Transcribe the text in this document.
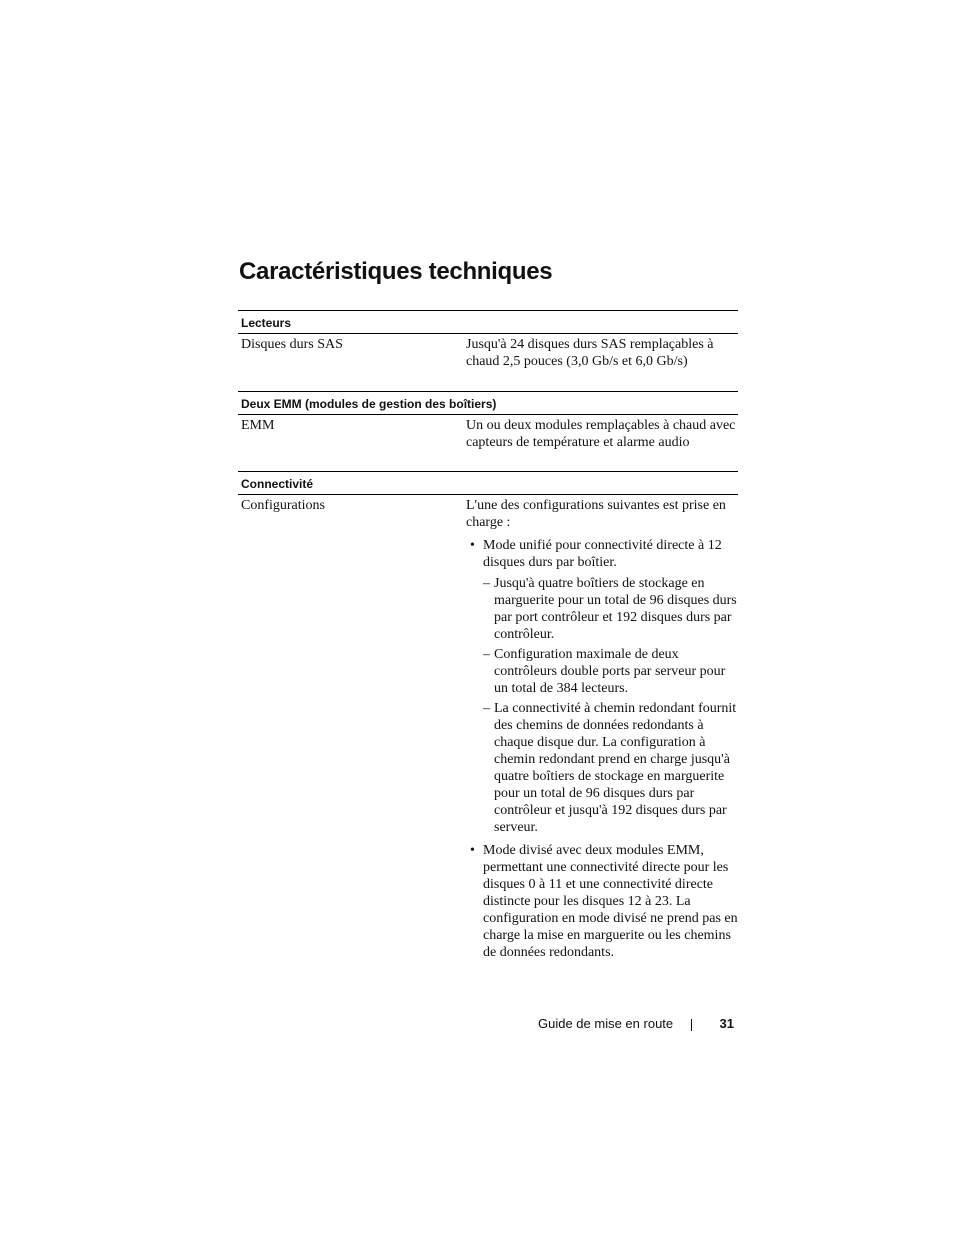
Caractéristiques techniques
Lecteurs
Disques durs SAS	Jusqu'à 24 disques durs SAS remplaçables à chaud 2,5 pouces (3,0 Gb/s et 6,0 Gb/s)
Deux EMM (modules de gestion des boîtiers)
EMM	Un ou deux modules remplaçables à chaud avec capteurs de température et alarme audio
Connectivité
Configurations	L'une des configurations suivantes est prise en charge :

• Mode unifié pour connectivité directe à 12 disques durs par boîtier.
– Jusqu'à quatre boîtiers de stockage en marguerite pour un total de 96 disques durs par port contrôleur et 192 disques durs par contrôleur.
– Configuration maximale de deux contrôleurs double ports par serveur pour un total de 384 lecteurs.
– La connectivité à chemin redondant fournit des chemins de données redondants à chaque disque dur. La configuration à chemin redondant prend en charge jusqu'à quatre boîtiers de stockage en marguerite pour un total de 96 disques durs par contrôleur et jusqu'à 192 disques durs par serveur.
• Mode divisé avec deux modules EMM, permettant une connectivité directe pour les disques 0 à 11 et une connectivité directe distincte pour les disques 12 à 23. La configuration en mode divisé ne prend pas en charge la mise en marguerite ou les chemins de données redondants.
Guide de mise en route	31
